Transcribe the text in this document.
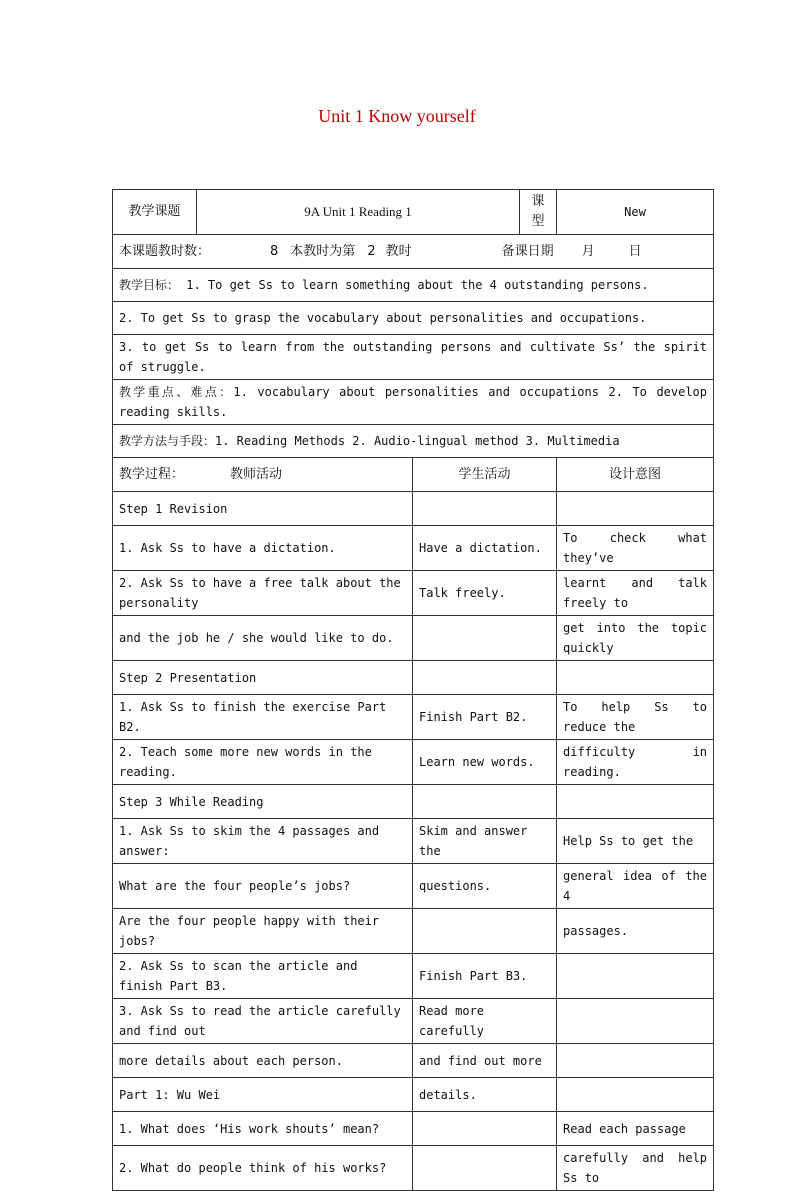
Unit 1 Know yourself
教学课题	9A Unit 1 Reading 1		课型	New
本课题教时数： 8 本教时为第 2 教时 备课日期 月 日				
教学目标： 1. To get Ss to learn something about the 4 outstanding persons.				
2. To get Ss to grasp the vocabulary about personalities and occupations.				
3. to get Ss to learn from the outstanding persons and cultivate Ss’ the spirit of struggle.				
教学重点、难点：1. vocabulary about personalities and occupations 2. To develop reading skills.				
教学方法与手段：1. Reading Methods 2. Audio-lingual method 3. Multimedia				
教学过程： 教师活动		学生活动		设计意图
Step 1 Revision				
1. Ask Ss to have a dictation.		Have a dictation.		To check what they’ve
2. Ask Ss to have a free talk about the personality		Talk freely.		learnt and talk freely to
and the job he / she would like to do.				get into the topic quickly
Step 2 Presentation				
1. Ask Ss to finish the exercise Part B2.		Finish Part B2.		To help Ss to reduce the
2. Teach some more new words in the reading.		Learn new words.		difficulty in reading.
Step 3 While Reading				
1. Ask Ss to skim the 4 passages and answer:		Skim and answer the		Help Ss to get the
What are the four people’s jobs?		questions.		general idea of the 4
Are the four people happy with their jobs?				passages.
2. Ask Ss to scan the article and finish Part B3.		Finish Part B3.		
3. Ask Ss to read the article carefully and find out		Read more carefully		
more details about each person.		and find out more		
Part 1: Wu Wei		details.		
1. What does ‘His work shouts’ mean?				Read each passage
2. What do people think of his works?				carefully and help Ss to
